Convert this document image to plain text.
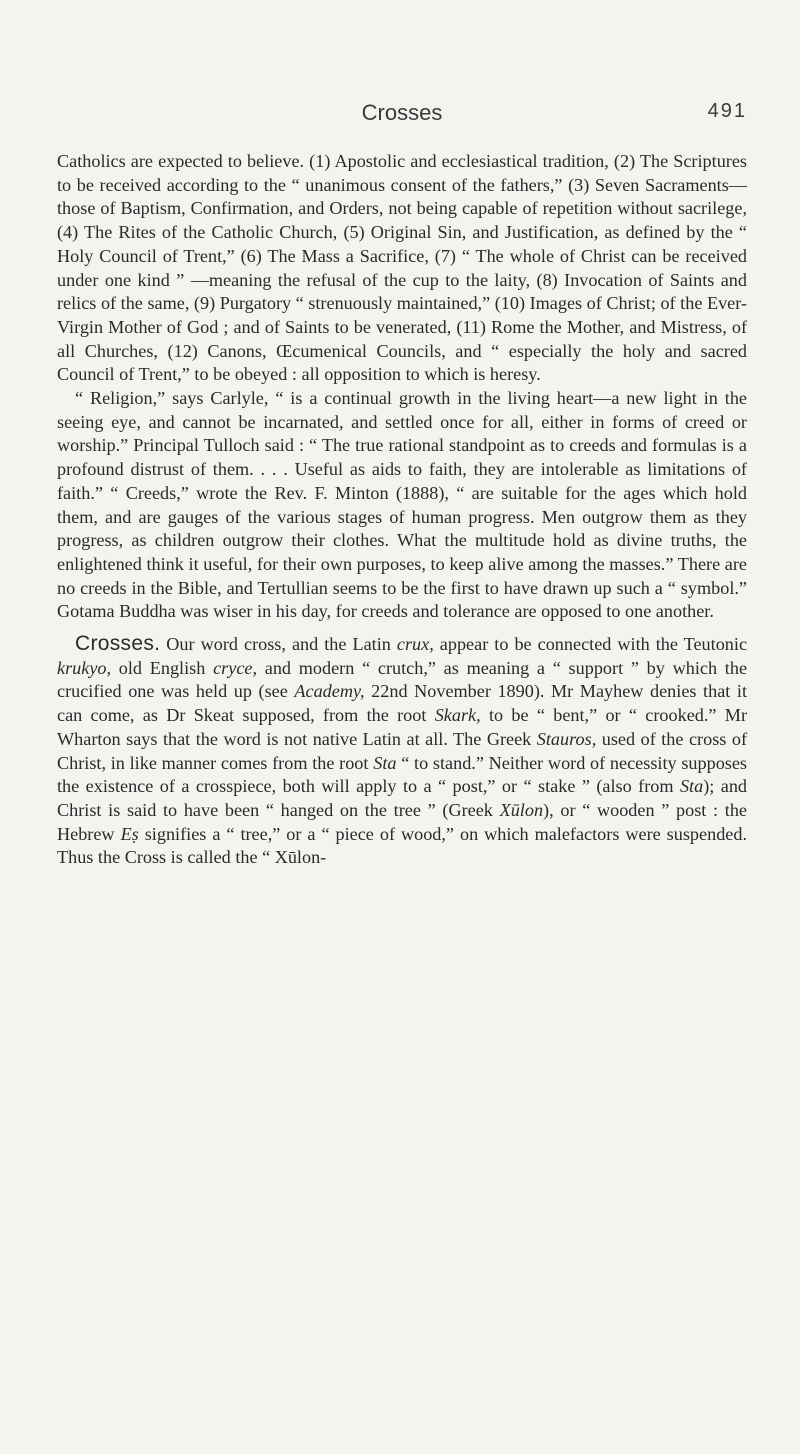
Crosses	491

Catholics are expected to believe. (1) Apostolic and ecclesiastical tradition, (2) The Scriptures to be received according to the “ unanimous consent of the fathers,” (3) Seven Sacraments—those of Baptism, Confirmation, and Orders, not being capable of repetition without sacrilege, (4) The Rites of the Catholic Church, (5) Original Sin, and Justification, as defined by the “ Holy Council of Trent,” (6) The Mass a Sacrifice, (7) “ The whole of Christ can be received under one kind ” —meaning the refusal of the cup to the laity, (8) Invocation of Saints and relics of the same, (9) Purgatory “ strenuously maintained,” (10) Images of Christ; of the Ever-Virgin Mother of God ; and of Saints to be venerated, (11) Rome the Mother, and Mistress, of all Churches, (12) Canons, Œcumenical Councils, and “ especially the holy and sacred Council of Trent,” to be obeyed : all opposition to which is heresy.

“ Religion,” says Carlyle, “ is a continual growth in the living heart—a new light in the seeing eye, and cannot be incarnated, and settled once for all, either in forms of creed or worship.” Principal Tulloch said : “ The true rational standpoint as to creeds and formulas is a profound distrust of them. . . . Useful as aids to faith, they are intolerable as limitations of faith.” “ Creeds,” wrote the Rev. F. Minton (1888), “ are suitable for the ages which hold them, and are gauges of the various stages of human progress. Men outgrow them as they progress, as children outgrow their clothes. What the multitude hold as divine truths, the enlightened think it useful, for their own purposes, to keep alive among the masses.” There are no creeds in the Bible, and Tertullian seems to be the first to have drawn up such a “ symbol.” Gotama Buddha was wiser in his day, for creeds and tolerance are opposed to one another.

Crosses. Our word cross, and the Latin crux, appear to be connected with the Teutonic krukyo, old English cryce, and modern “ crutch,” as meaning a “ support ” by which the crucified one was held up (see Academy, 22nd November 1890). Mr Mayhew denies that it can come, as Dr Skeat supposed, from the root Skark, to be “ bent,” or “ crooked.” Mr Wharton says that the word is not native Latin at all. The Greek Stauros, used of the cross of Christ, in like manner comes from the root Sta “ to stand.” Neither word of necessity supposes the existence of a crosspiece, both will apply to a “ post,” or “ stake ” (also from Sta); and Christ is said to have been “ hanged on the tree ” (Greek Xūlon), or “ wooden ” post : the Hebrew Eṣ signifies a “ tree,” or a “ piece of wood,” on which malefactors were suspended. Thus the Cross is called the “ Xūlon-
